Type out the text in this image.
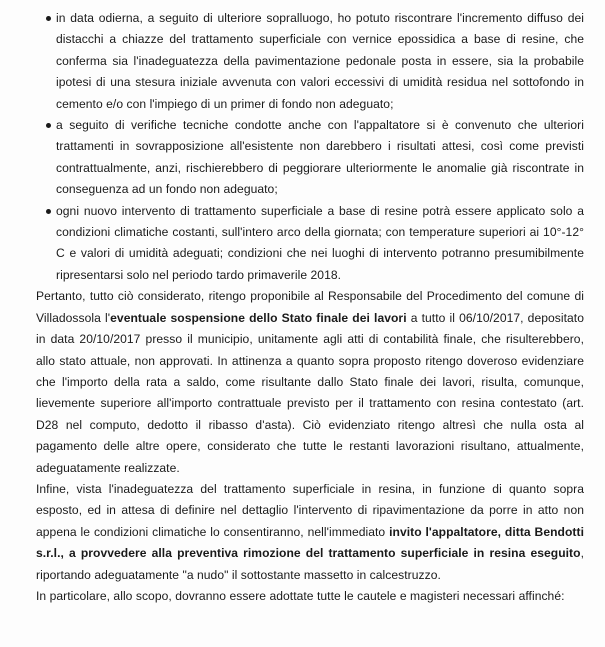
in data odierna, a seguito di ulteriore sopralluogo, ho potuto riscontrare l'incremento diffuso dei distacchi a chiazze del trattamento superficiale con vernice epossidica a base di resine, che conferma sia l'inadeguatezza della pavimentazione pedonale posta in essere, sia la probabile ipotesi di una stesura iniziale avvenuta con valori eccessivi di umidità residua nel sottofondo in cemento e/o con l'impiego di un primer di fondo non adeguato;
a seguito di verifiche tecniche condotte anche con l'appaltatore si è convenuto che ulteriori trattamenti in sovrapposizione all'esistente non darebbero i risultati attesi, così come previsti contrattualmente, anzi, rischierebbero di peggiorare ulteriormente le anomalie già riscontrate in conseguenza ad un fondo non adeguato;
ogni nuovo intervento di trattamento superficiale a base di resine potrà essere applicato solo a condizioni climatiche costanti, sull'intero arco della giornata; con temperature superiori ai 10°-12° C e valori di umidità adeguati; condizioni che nei luoghi di intervento potranno presumibilmente ripresentarsi solo nel periodo tardo primaverile 2018.
Pertanto, tutto ciò considerato, ritengo proponibile al Responsabile del Procedimento del comune di Villadossola l'eventuale sospensione dello Stato finale dei lavori a tutto il 06/10/2017, depositato in data 20/10/2017 presso il municipio, unitamente agli atti di contabilità finale, che risulterebbero, allo stato attuale, non approvati. In attinenza a quanto sopra proposto ritengo doveroso evidenziare che l'importo della rata a saldo, come risultante dallo Stato finale dei lavori, risulta, comunque, lievemente superiore all'importo contrattuale previsto per il trattamento con resina contestato (art. D28 nel computo, dedotto il ribasso d'asta). Ciò evidenziato ritengo altresì che nulla osta al pagamento delle altre opere, considerato che tutte le restanti lavorazioni risultano, attualmente, adeguatamente realizzate.
Infine, vista l'inadeguatezza del trattamento superficiale in resina, in funzione di quanto sopra esposto, ed in attesa di definire nel dettaglio l'intervento di ripavimentazione da porre in atto non appena le condizioni climatiche lo consentiranno, nell'immediato invito l'appaltatore, ditta Bendotti s.r.l., a provvedere alla preventiva rimozione del trattamento superficiale in resina eseguito, riportando adeguatamente "a nudo" il sottostante massetto in calcestruzzo.
In particolare, allo scopo, dovranno essere adottate tutte le cautele e magisteri necessari affinché:
